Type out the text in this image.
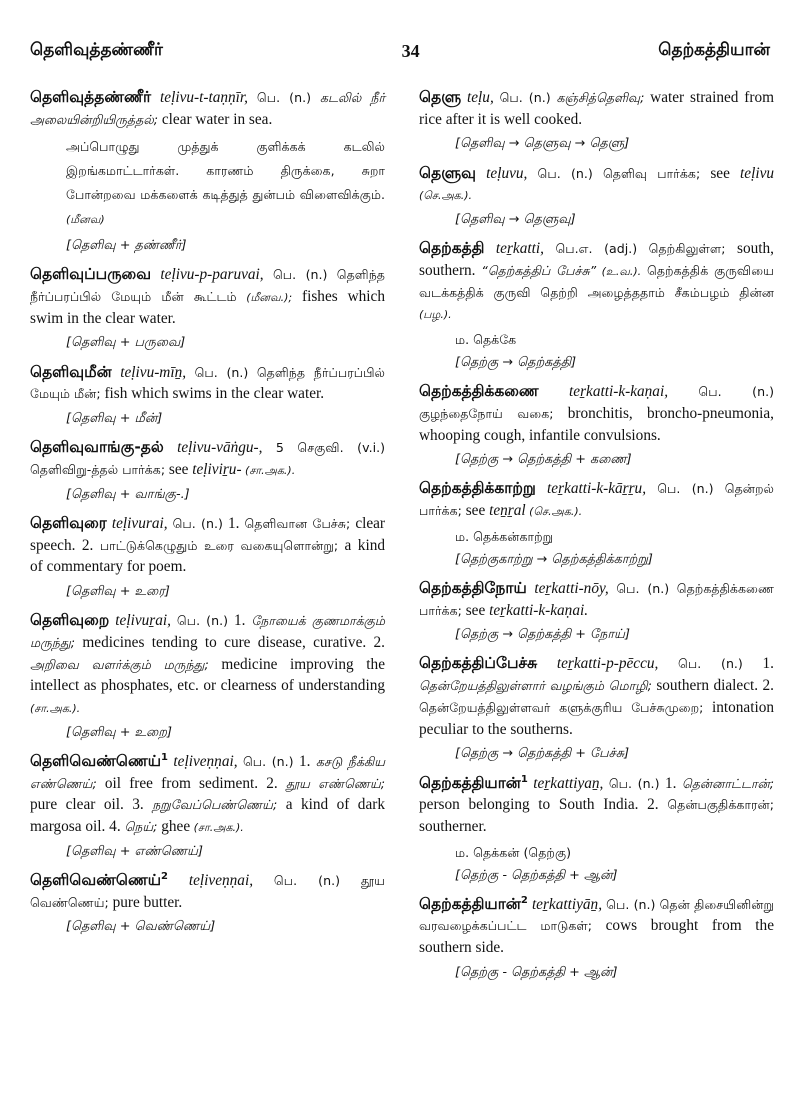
தெளிவுத்தண்ணீர்	34	தெற்கத்தியான்
தெளிவுத்தண்ணீர் teḷivu-t-taṇṇīr, பெ. (n.) கடலில் நீர் அலையின்றியிருத்தல்; clear water in sea.
அப்பொழுது முத்துக் குளிக்கக் கடலில் இறங்கமாட்டார்கள். காரணம் திருக்கை, சுறா போன்றவை மக்களைக் கடித்துத் துன்பம் விளைவிக்கும். (மீனவ)
[தெளிவு + தண்ணீர்]
தெளிவுப்பருவை teḷivu-p-paruvai, பெ. (n.) தெளிந்த நீர்ப்பரப்பில் மேயும் மீன் கூட்டம் (மீனவ.); fishes which swim in the clear water.
[தெளிவு + பருவை]
தெளிவுமீன் teḷivu-mīṉ, பெ. (n.) தெளிந்த நீர்ப்பரப்பில் மேயும் மீன்; fish which swims in the clear water.
[தெளிவு + மீன்]
தெளிவுவாங்கு-தல் teḷivu-vāṅgu-, 5 செகுவி. (v.i.) தெளிவிறு-த்தல் பார்க்க; see teḷiviṟu- (சா.அக.).
[தெளிவு + வாங்கு-.]
தெளிவுரை teḷivurai, பெ. (n.) 1. தெளிவான பேச்சு; clear speech. 2. பாட்டுக்கெழுதும் உரை வகையுளொன்று; a kind of commentary for poem.
[தெளிவு + உரை]
தெளிவுறை teḷivuṟai, பெ. (n.) 1. நோயைக் குணமாக்கும் மருந்து; medicines tending to cure disease, curative. 2. அறிவை வளர்க்கும் மருந்து; medicine improving the intellect as phosphates, etc. or clearness of understanding (சா.அக.).
[தெளிவு + உறை]
தெளிவெண்ணெய்$^1$ teḷiveṇṇai, பெ. (n.) 1. கசடு நீக்கிய எண்ணெய்; oil free from sediment. 2. தூய எண்ணெய்; pure clear oil. 3. நறுவேப்பெண்ணெய்; a kind of dark margosa oil. 4. நெய்; ghee (சா.அக.).
[தெளிவு + எண்ணெய்]
தெளிவெண்ணெய்$^2$ teḷiveṇṇai, பெ. (n.) தூய வெண்ணெய்; pure butter.
[தெளிவு + வெண்ணெய்]
தெளு teḷu, பெ. (n.) கஞ்சித்தெளிவு; water strained from rice after it is well cooked.
[தெளிவு → தெளுவு → தெளு]
தெளுவு teḷuvu, பெ. (n.) தெளிவு பார்க்க; see teḷivu (செ.அக.).
[தெளிவு → தெளுவு]
தெற்கத்தி teṟkatti, பெ.எ. (adj.) தெற்கிலுள்ள; south, southern. “தெற்கத்திப் பேச்சு” (உ.வ.). தெற்கத்திக் குருவியை வடக்கத்திக் குருவி தெற்றி அழைத்ததாம் சீகம்பழம் தின்ன (பழ.).
ம. தெக்கே
[தெற்கு → தெற்கத்தி]
தெற்கத்திக்கணை teṟkatti-k-kaṇai, பெ. (n.) குழந்தைநோய் வகை; bronchitis, broncho-pneumonia, whooping cough, infantile convulsions.
[தெற்கு → தெற்கத்தி + கணை]
தெற்கத்திக்காற்று teṟkatti-k-kāṟṟu, பெ. (n.) தென்றல் பார்க்க; see teṉṟal (செ.அக.).
ம. தெக்கன்காற்று
[தெற்குகாற்று → தெற்கத்திக்காற்று]
தெற்கத்திநோய் teṟkatti-nōy, பெ. (n.) தெற்கத்திக்கணை பார்க்க; see teṟkatti-k-kaṇai.
[தெற்கு → தெற்கத்தி + நோய்]
தெற்கத்திப்பேச்சு teṟkatti-p-pēccu, பெ. (n.) 1. தென்றேயத்திலுள்ளார் வழங்கும் மொழி; southern dialect. 2. தென்றேயத்திலுள்ளவர் களுக்குரிய பேச்சுமுறை; intonation peculiar to the southerns.
[தெற்கு → தெற்கத்தி + பேச்சு]
தெற்கத்தியான்$^1$ teṟkattiyaṉ, பெ. (n.) 1. தென்னாட்டான்; person belonging to South India. 2. தென்பகுதிக்காரன்; southerner.
ம. தெக்கன் (தெற்கு)
[தெற்கு - தெற்கத்தி + ஆன்]
தெற்கத்தியான்$^2$ teṟkattiyāṉ, பெ. (n.) தென் திசையினின்று வரவழைக்கப்பட்ட மாடுகள்; cows brought from the southern side.
[தெற்கு - தெற்கத்தி + ஆன்]
